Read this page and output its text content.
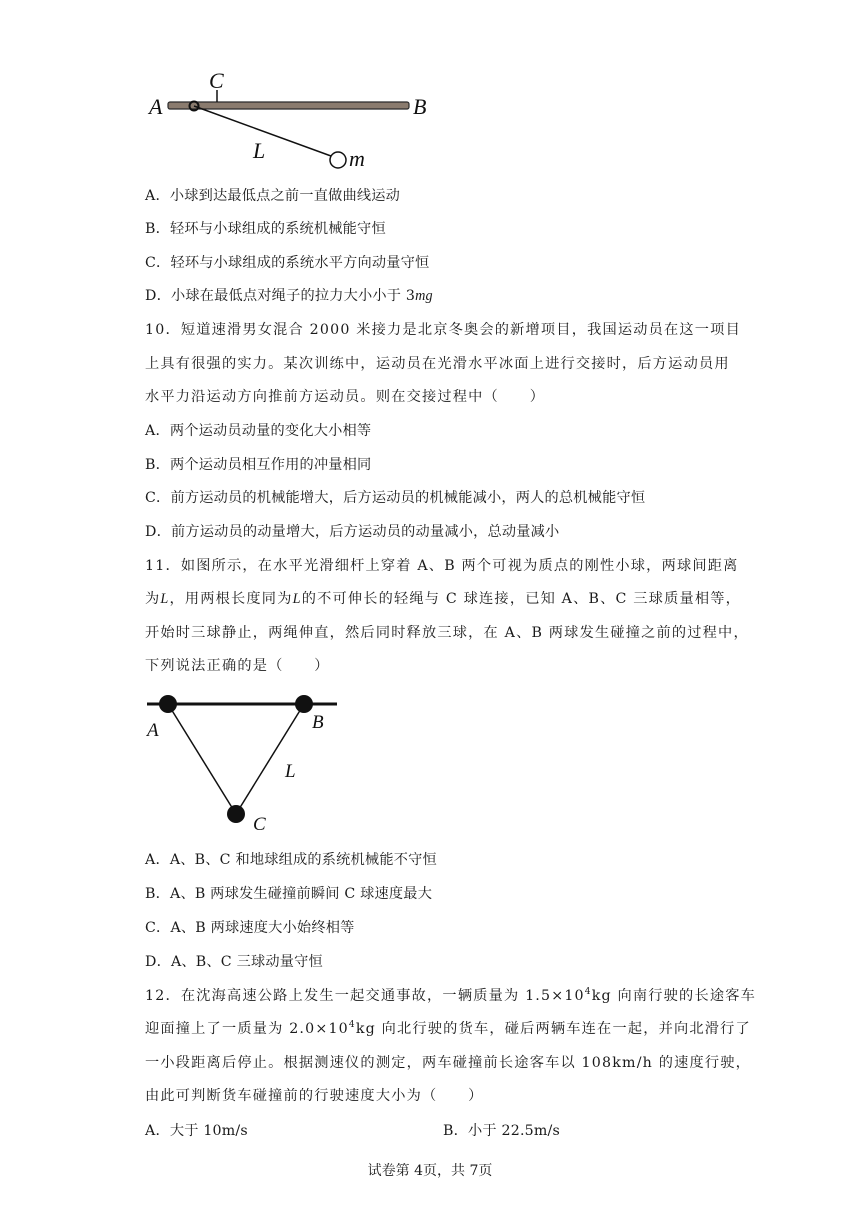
A
C
B
L	m
A．小球到达最低点之前一直做曲线运动
B．轻环与小球组成的系统机械能守恒
C．轻环与小球组成的系统水平方向动量守恒
D．小球在最低点对绳子的拉力大小小于 3mg
10．短道速滑男女混合 2000 米接力是北京冬奥会的新增项目，我国运动员在这一项目
上具有很强的实力。某次训练中，运动员在光滑水平冰面上进行交接时，后方运动员用
水平力沿运动方向推前方运动员。则在交接过程中（　　）
A．两个运动员动量的变化大小相等
B．两个运动员相互作用的冲量相同
C．前方运动员的机械能增大，后方运动员的机械能减小，两人的总机械能守恒
D．前方运动员的动量增大，后方运动员的动量减小，总动量减小
11．如图所示，在水平光滑细杆上穿着 A、B 两个可视为质点的刚性小球，两球间距离
为L，用两根长度同为L的不可伸长的轻绳与 C 球连接，已知 A、B、C 三球质量相等，
开始时三球静止，两绳伸直，然后同时释放三球，在 A、B 两球发生碰撞之前的过程中，
下列说法正确的是（　　）
A	B
L
C
A．A、B、C 和地球组成的系统机械能不守恒
B．A、B 两球发生碰撞前瞬间 C 球速度最大
C．A、B 两球速度大小始终相等
D．A、B、C 三球动量守恒
12．在沈海高速公路上发生一起交通事故，一辆质量为 $1.5\times 10^4kg$ 向南行驶的长途客车
迎面撞上了一质量为 $2.0\times 10^4kg$ 向北行驶的货车，碰后两辆车连在一起，并向北滑行了
一小段距离后停止。根据测速仪的测定，两车碰撞前长途客车以 108km/h 的速度行驶，
由此可判断货车碰撞前的行驶速度大小为（　　）
A．大于 10m/s	B．小于 22.5m/s
试卷第 4页，共 7页
